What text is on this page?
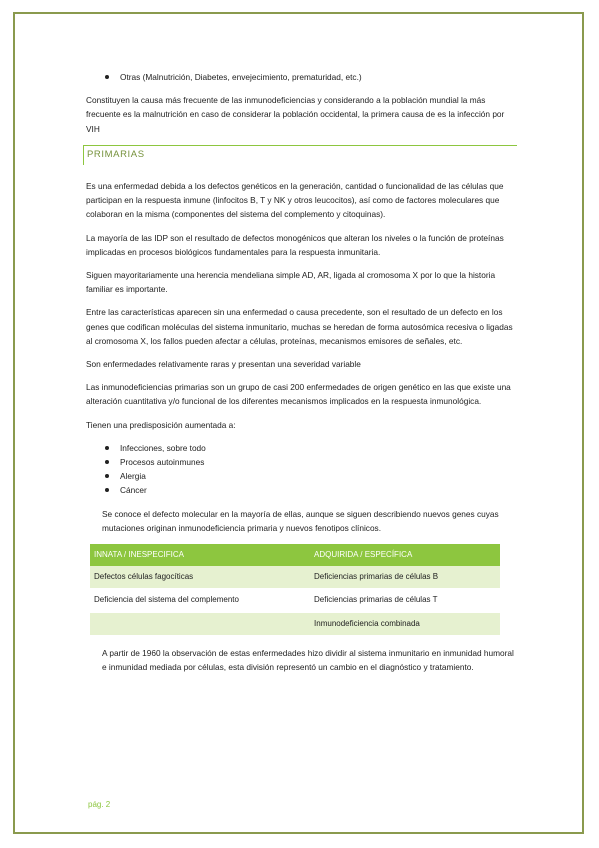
Otras (Malnutrición, Diabetes, envejecimiento, prematuridad, etc.)

Constituyen la causa más frecuente de las inmunodeficiencias y considerando a la población mundial la más frecuente es la malnutrición en caso de considerar la población occidental, la primera causa de es la infección por VIH

PRIMARIAS

Es una enfermedad debida a los defectos genéticos en la generación, cantidad o funcionalidad de las células que participan en la respuesta inmune (linfocitos B, T y NK y otros leucocitos), así como de factores moleculares que colaboran en la misma (componentes del sistema del complemento y citoquinas).

La mayoría de las IDP son el resultado de defectos monogénicos que alteran los niveles o la función de proteínas implicadas en procesos biológicos fundamentales para la respuesta inmunitaria.

Siguen mayoritariamente una herencia mendeliana simple AD, AR, ligada al cromosoma X por lo que la historia familiar es importante.

Entre las características aparecen sin una enfermedad o causa precedente, son el resultado de un defecto en los genes que codifican moléculas del sistema inmunitario, muchas se heredan de forma autosómica recesiva o ligadas al cromosoma X, los fallos pueden afectar a células, proteínas, mecanismos emisores de señales, etc.

Son enfermedades relativamente raras y presentan una severidad variable

Las inmunodeficiencias primarias son un grupo de casi 200 enfermedades de origen genético en las que existe una alteración cuantitativa y/o funcional de los diferentes mecanismos implicados en la respuesta inmunológica.

Tienen una predisposición aumentada a:

Infecciones, sobre todo
Procesos autoinmunes
Alergia
Cáncer

Se conoce el defecto molecular en la mayoría de ellas, aunque se siguen describiendo nuevos genes cuyas mutaciones originan inmunodeficiencia primaria y nuevos fenotipos clínicos.

INNATA / INESPECIFICA	ADQUIRIDA / ESPECÍFICA
Defectos células fagocíticas	Deficiencias primarias de células B
Deficiencia del sistema del complemento	Deficiencias primarias de células T
	Inmunodeficiencia combinada

A partir de 1960 la observación de estas enfermedades hizo dividir al sistema inmunitario en inmunidad humoral e inmunidad mediada por células, esta división representó un cambio en el diagnóstico y tratamiento.

pág. 2
